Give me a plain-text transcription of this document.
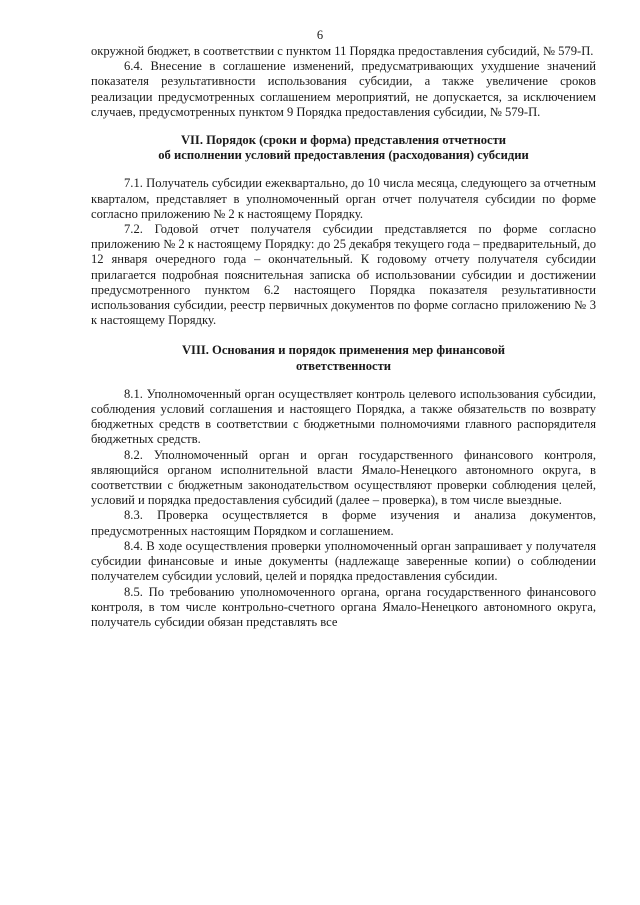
6

окружной бюджет, в соответствии с пунктом 11 Порядка предоставления субсидий, № 579-П.

6.4. Внесение в соглашение изменений, предусматривающих ухудшение значений показателя результативности использования субсидии, а также увеличение сроков реализации предусмотренных соглашением мероприятий, не допускается, за исключением случаев, предусмотренных пунктом 9 Порядка предоставления субсидии, № 579-П.

VII. Порядок (сроки и форма) представления отчетности

об исполнении условий предоставления (расходования) субсидии

7.1. Получатель субсидии ежеквартально, до 10 числа месяца, следующего за отчетным кварталом, представляет в уполномоченный орган отчет получателя субсидии по форме согласно приложению № 2 к настоящему Порядку.

7.2. Годовой отчет получателя субсидии представляется по форме согласно приложению № 2 к настоящему Порядку: до 25 декабря текущего года – предварительный, до 12 января очередного года – окончательный. К годовому отчету получателя субсидии прилагается подробная пояснительная записка об использовании субсидии и достижении предусмотренного пунктом 6.2 настоящего Порядка показателя результативности использования субсидии, реестр первичных документов по форме согласно приложению № 3 к настоящему Порядку.

VIII. Основания и порядок применения мер финансовой

ответственности

8.1. Уполномоченный орган осуществляет контроль целевого использования субсидии, соблюдения условий соглашения и настоящего Порядка, а также обязательств по возврату бюджетных средств в соответствии с бюджетными полномочиями главного распорядителя бюджетных средств.

8.2. Уполномоченный орган и орган государственного финансового контроля, являющийся органом исполнительной власти Ямало-Ненецкого автономного округа, в соответствии с бюджетным законодательством осуществляют проверки соблюдения целей, условий и порядка предоставления субсидий (далее – проверка), в том числе выездные.

8.3. Проверка осуществляется в форме изучения и анализа документов, предусмотренных настоящим Порядком и соглашением.

8.4. В ходе осуществления проверки уполномоченный орган запрашивает у получателя субсидии финансовые и иные документы (надлежаще заверенные копии) о соблюдении получателем субсидии условий, целей и порядка предоставления субсидии.

8.5. По требованию уполномоченного органа, органа государственного финансового контроля, в том числе контрольно-счетного органа Ямало-Ненецкого автономного округа, получатель субсидии обязан представлять все
